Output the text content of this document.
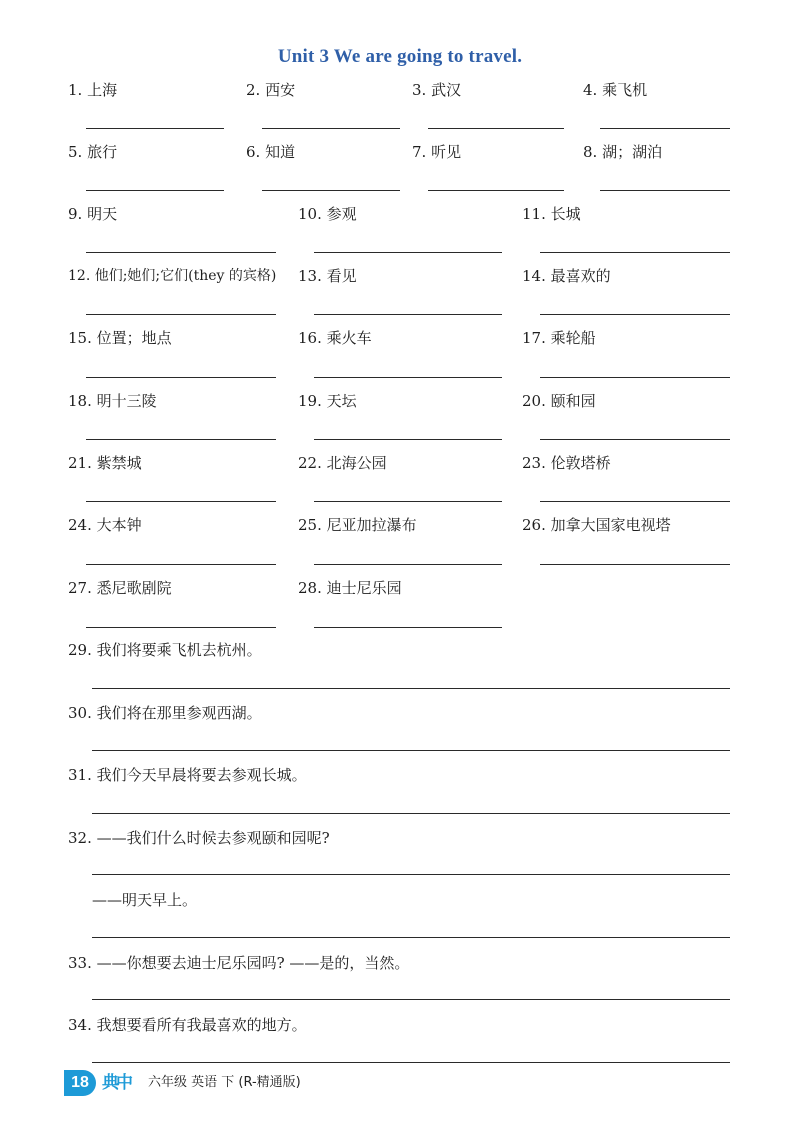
Unit 3 We are going to travel.
1. 上海	2. 西安	3. 武汉	4. 乘飞机
5. 旅行	6. 知道	7. 听见	8. 湖；湖泊
9. 明天	10. 参观	11. 长城
12. 他们;她们;它们(they 的宾格) 13. 看见	14. 最喜欢的
15. 位置；地点	16. 乘火车	17. 乘轮船
18. 明十三陵	19. 天坛	20. 颐和园
21. 紫禁城	22. 北海公园	23. 伦敦塔桥
24. 大本钟	25. 尼亚加拉瀑布	26. 加拿大国家电视塔
27. 悉尼歌剧院	28. 迪士尼乐园
29. 我们将要乘飞机去杭州。
30. 我们将在那里参观西湖。
31. 我们今天早晨将要去参观长城。
32. ——我们什么时候去参观颐和园呢?
——明天早上。
33. ——你想要去迪士尼乐园吗? ——是的，当然。
34. 我想要看所有我最喜欢的地方。
18 典中	六年级 英语 下 (R-精通版)
